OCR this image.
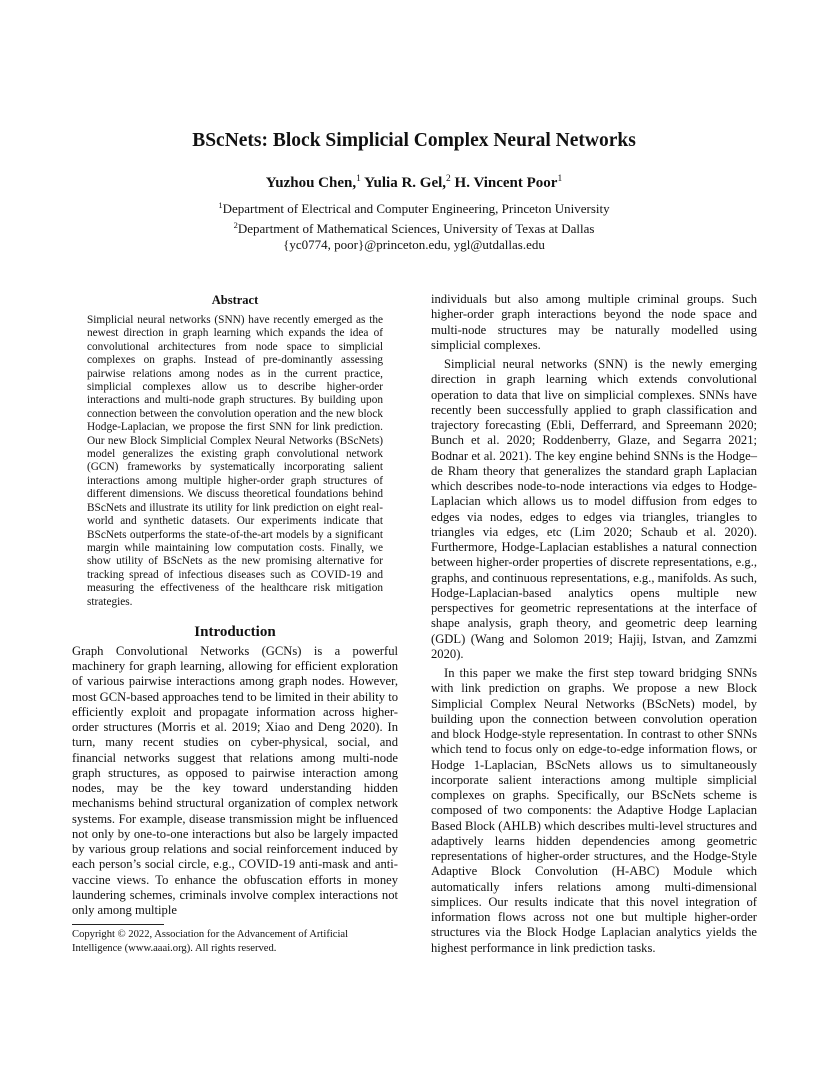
BScNets: Block Simplicial Complex Neural Networks
Yuzhou Chen,$^1$ Yulia R. Gel,$^2$ H. Vincent Poor$^1$
$^1$Department of Electrical and Computer Engineering, Princeton University
$^2$Department of Mathematical Sciences, University of Texas at Dallas
{yc0774, poor}@princeton.edu, ygl@utdallas.edu
Abstract

Simplicial neural networks (SNN) have recently emerged as the newest direction in graph learning which expands the idea of convolutional architectures from node space to simplicial complexes on graphs. Instead of pre-dominantly assessing pairwise relations among nodes as in the current practice, simplicial complexes allow us to describe higher-order interactions and multi-node graph structures. By building upon connection between the convolution operation and the new block Hodge-Laplacian, we propose the first SNN for link prediction. Our new Block Simplicial Complex Neural Networks (BScNets) model generalizes the existing graph convolutional network (GCN) frameworks by systematically incorporating salient interactions among multiple higher-order graph structures of different dimensions. We discuss theoretical foundations behind BScNets and illustrate its utility for link prediction on eight real-world and synthetic datasets. Our experiments indicate that BScNets outperforms the state-of-the-art models by a significant margin while maintaining low computation costs. Finally, we show utility of BScNets as the new promising alternative for tracking spread of infectious diseases such as COVID-19 and measuring the effectiveness of the healthcare risk mitigation strategies.

Introduction

Graph Convolutional Networks (GCNs) is a powerful machinery for graph learning, allowing for efficient exploration of various pairwise interactions among graph nodes. However, most GCN-based approaches tend to be limited in their ability to efficiently exploit and propagate information across higher-order structures (Morris et al. 2019; Xiao and Deng 2020). In turn, many recent studies on cyber-physical, social, and financial networks suggest that relations among multi-node graph structures, as opposed to pairwise interaction among nodes, may be the key toward understanding hidden mechanisms behind structural organization of complex network systems. For example, disease transmission might be influenced not only by one-to-one interactions but also be largely impacted by various group relations and social reinforcement induced by each person’s social circle, e.g., COVID-19 anti-mask and anti-vaccine views. To enhance the obfuscation efforts in money laundering schemes, criminals involve complex interactions not only among multiple

individuals but also among multiple criminal groups. Such higher-order graph interactions beyond the node space and multi-node structures may be naturally modelled using simplicial complexes.

Simplicial neural networks (SNN) is the newly emerging direction in graph learning which extends convolutional operation to data that live on simplicial complexes. SNNs have recently been successfully applied to graph classification and trajectory forecasting (Ebli, Defferrard, and Spreemann 2020; Bunch et al. 2020; Roddenberry, Glaze, and Segarra 2021; Bodnar et al. 2021). The key engine behind SNNs is the Hodge–de Rham theory that generalizes the standard graph Laplacian which describes node-to-node interactions via edges to Hodge-Laplacian which allows us to model diffusion from edges to edges via nodes, edges to edges via triangles, triangles to triangles via edges, etc (Lim 2020; Schaub et al. 2020). Furthermore, Hodge-Laplacian establishes a natural connection between higher-order properties of discrete representations, e.g., graphs, and continuous representations, e.g., manifolds. As such, Hodge-Laplacian-based analytics opens multiple new perspectives for geometric representations at the interface of shape analysis, graph theory, and geometric deep learning (GDL) (Wang and Solomon 2019; Hajij, Istvan, and Zamzmi 2020).

In this paper we make the first step toward bridging SNNs with link prediction on graphs. We propose a new Block Simplicial Complex Neural Networks (BScNets) model, by building upon the connection between convolution operation and block Hodge-style representation. In contrast to other SNNs which tend to focus only on edge-to-edge information flows, or Hodge 1-Laplacian, BScNets allows us to simultaneously incorporate salient interactions among multiple simplicial complexes on graphs. Specifically, our BScNets scheme is composed of two components: the Adaptive Hodge Laplacian Based Block (AHLB) which describes multi-level structures and adaptively learns hidden dependencies among geometric representations of higher-order structures, and the Hodge-Style Adaptive Block Convolution (H-ABC) Module which automatically infers relations among multi-dimensional simplices. Our results indicate that this novel integration of information flows across not one but multiple higher-order structures via the Block Hodge Laplacian analytics yields the highest performance in link prediction tasks.

Copyright © 2022, Association for the Advancement of Artificial Intelligence (www.aaai.org). All rights reserved.
